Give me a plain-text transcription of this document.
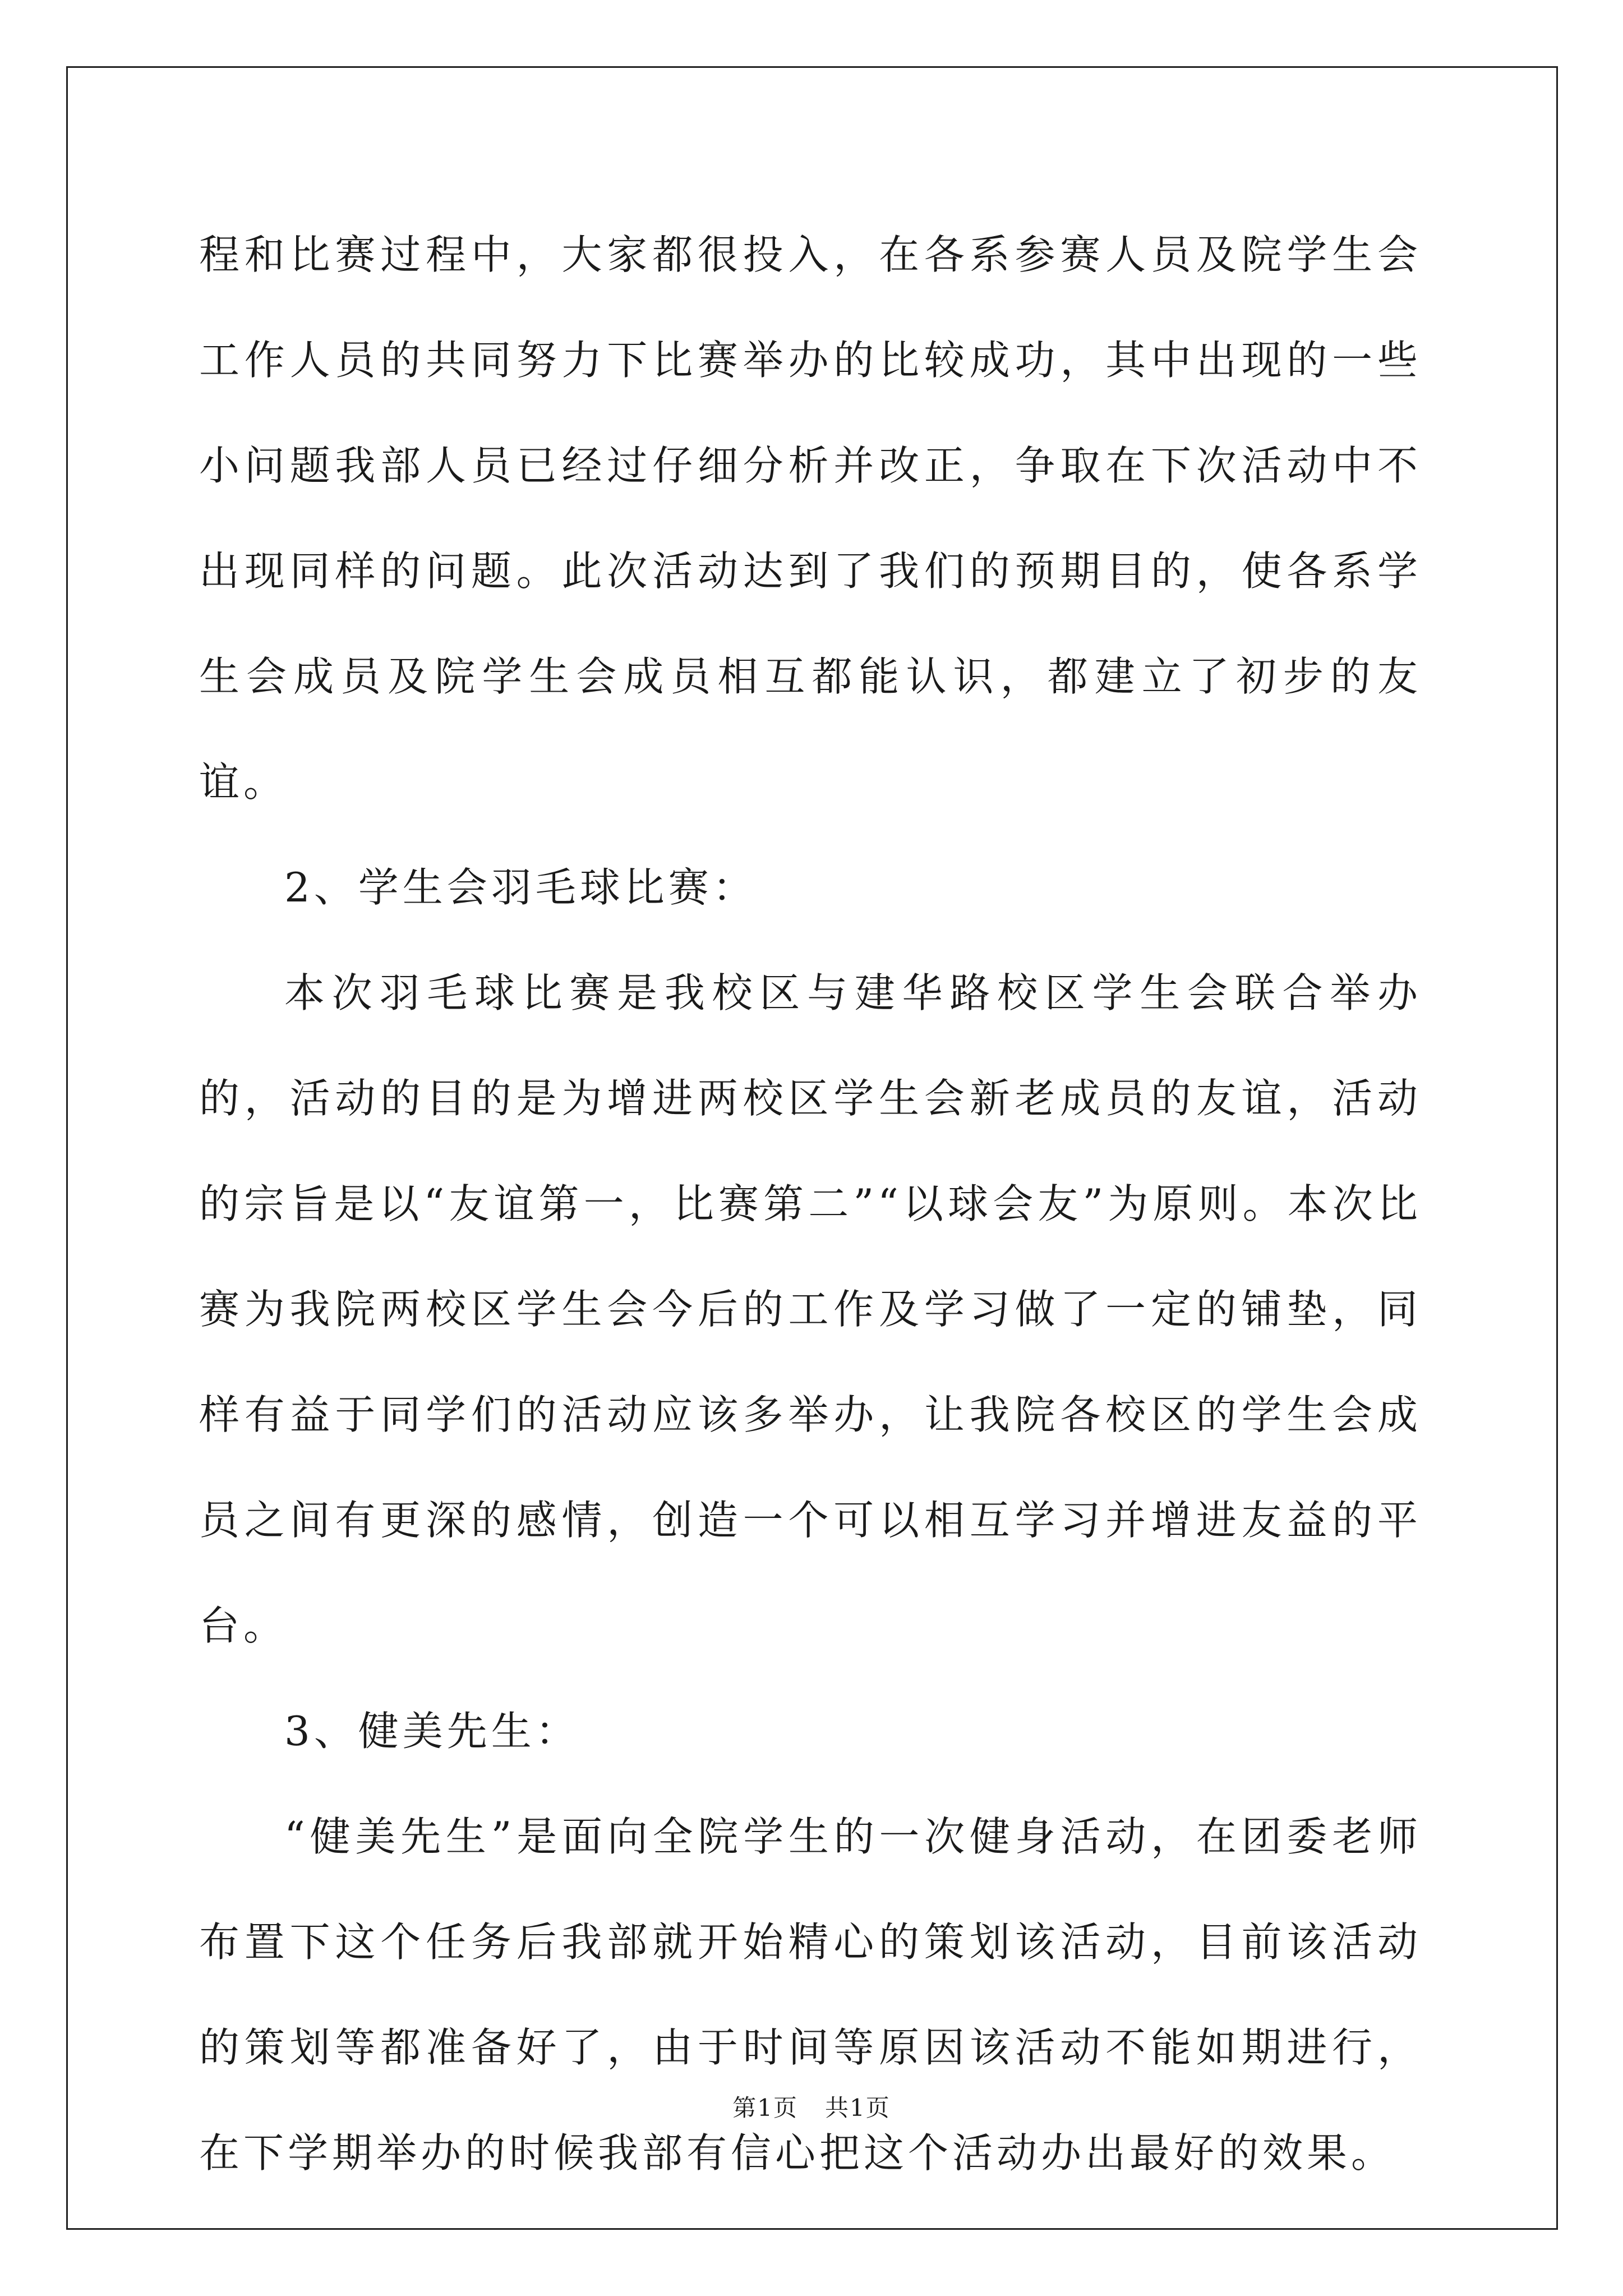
程和比赛过程中，大家都很投入，在各系参赛人员及院学生会工作人员的共同努力下比赛举办的比较成功，其中出现的一些小问题我部人员已经过仔细分析并改正，争取在下次活动中不出现同样的问题。此次活动达到了我们的预期目的，使各系学生会成员及院学生会成员相互都能认识，都建立了初步的友谊。

2、学生会羽毛球比赛：

本次羽毛球比赛是我校区与建华路校区学生会联合举办的，活动的目的是为增进两校区学生会新老成员的友谊，活动的宗旨是以“友谊第一，比赛第二”“以球会友”为原则。本次比赛为我院两校区学生会今后的工作及学习做了一定的铺垫，同样有益于同学们的活动应该多举办，让我院各校区的学生会成员之间有更深的感情，创造一个可以相互学习并增进友益的平台。

3、健美先生：

“健美先生”是面向全院学生的一次健身活动，在团委老师布置下这个任务后我部就开始精心的策划该活动，目前该活动的策划等都准备好了，由于时间等原因该活动不能如期进行，在下学期举办的时候我部有信心把这个活动办出最好的效果。

第1页 共1页
